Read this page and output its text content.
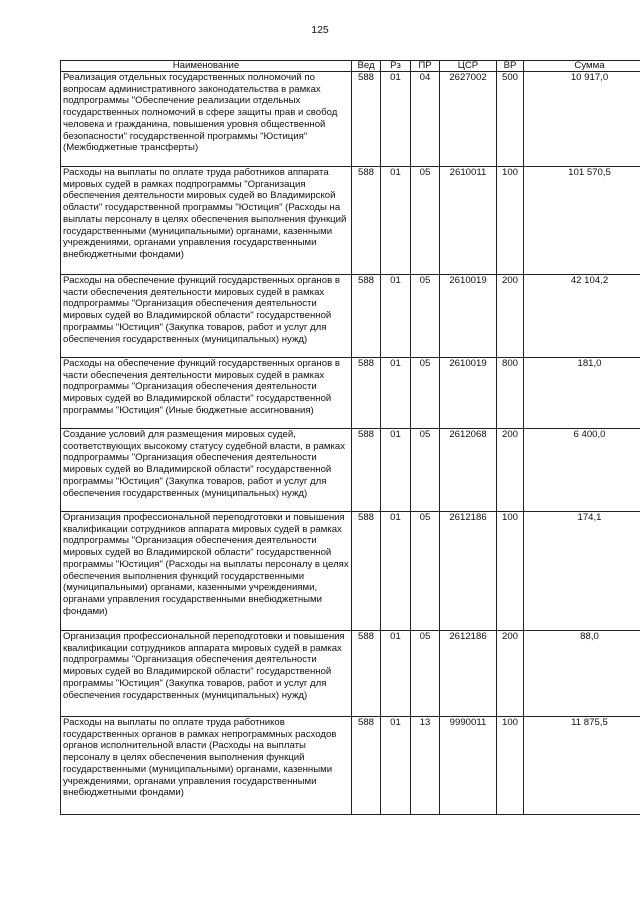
125
Наименование	Вед	Рз	ПР	ЦСР	ВР	Сумма
Реализация отдельных государственных полномочий по вопросам административного законодательства в рамках подпрограммы "Обеспечение реализации отдельных государственных полномочий в сфере защиты прав и свобод человека и гражданина, повышения уровня общественной безопасности" государственной программы "Юстиция" (Межбюджетные трансферты)	588	01	04	2627002	500	10 917,0
Расходы на выплаты по оплате труда работников аппарата мировых судей в рамках подпрограммы "Организация обеспечения деятельности мировых судей во Владимирской области" государственной программы "Юстиция" (Расходы на выплаты персоналу в целях обеспечения выполнения функций государственными (муниципальными) органами, казенными учреждениями, органами управления государственными внебюджетными фондами)	588	01	05	2610011	100	101 570,5
Расходы на обеспечение функций государственных органов в части обеспечения деятельности мировых судей в рамках подпрограммы "Организация обеспечения деятельности мировых судей во Владимирской области" государственной программы "Юстиция" (Закупка товаров, работ и услуг для обеспечения государственных (муниципальных) нужд)	588	01	05	2610019	200	42 104,2
Расходы на обеспечение функций государственных органов в части обеспечения деятельности мировых судей в рамках подпрограммы "Организация обеспечения деятельности мировых судей во Владимирской области" государственной программы "Юстиция" (Иные бюджетные ассигнования)	588	01	05	2610019	800	181,0
Создание условий для размещения мировых судей, соответствующих высокому статусу судебной власти, в рамках подпрограммы "Организация обеспечения деятельности мировых судей во Владимирской области" государственной программы "Юстиция" (Закупка товаров, работ и услуг для обеспечения государственных (муниципальных) нужд)	588	01	05	2612068	200	6 400,0
Организация профессиональной переподготовки и повышения квалификации сотрудников аппарата мировых судей в рамках подпрограммы "Организация обеспечения деятельности мировых судей во Владимирской области" государственной программы "Юстиция" (Расходы на выплаты персоналу в целях обеспечения выполнения функций государственными (муниципальными) органами, казенными учреждениями, органами управления государственными внебюджетными фондами)	588	01	05	2612186	100	174,1
Организация профессиональной переподготовки и повышения квалификации сотрудников аппарата мировых судей в рамках подпрограммы "Организация обеспечения деятельности мировых судей во Владимирской области" государственной программы "Юстиция" (Закупка товаров, работ и услуг для обеспечения государственных (муниципальных) нужд)	588	01	05	2612186	200	88,0
Расходы на выплаты по оплате труда работников государственных органов в рамках непрограммных расходов органов исполнительной власти (Расходы на выплаты персоналу в целях обеспечения выполнения функций государственными (муниципальными) органами, казенными учреждениями, органами управления государственными внебюджетными фондами)	588	01	13	9990011	100	11 875,5
